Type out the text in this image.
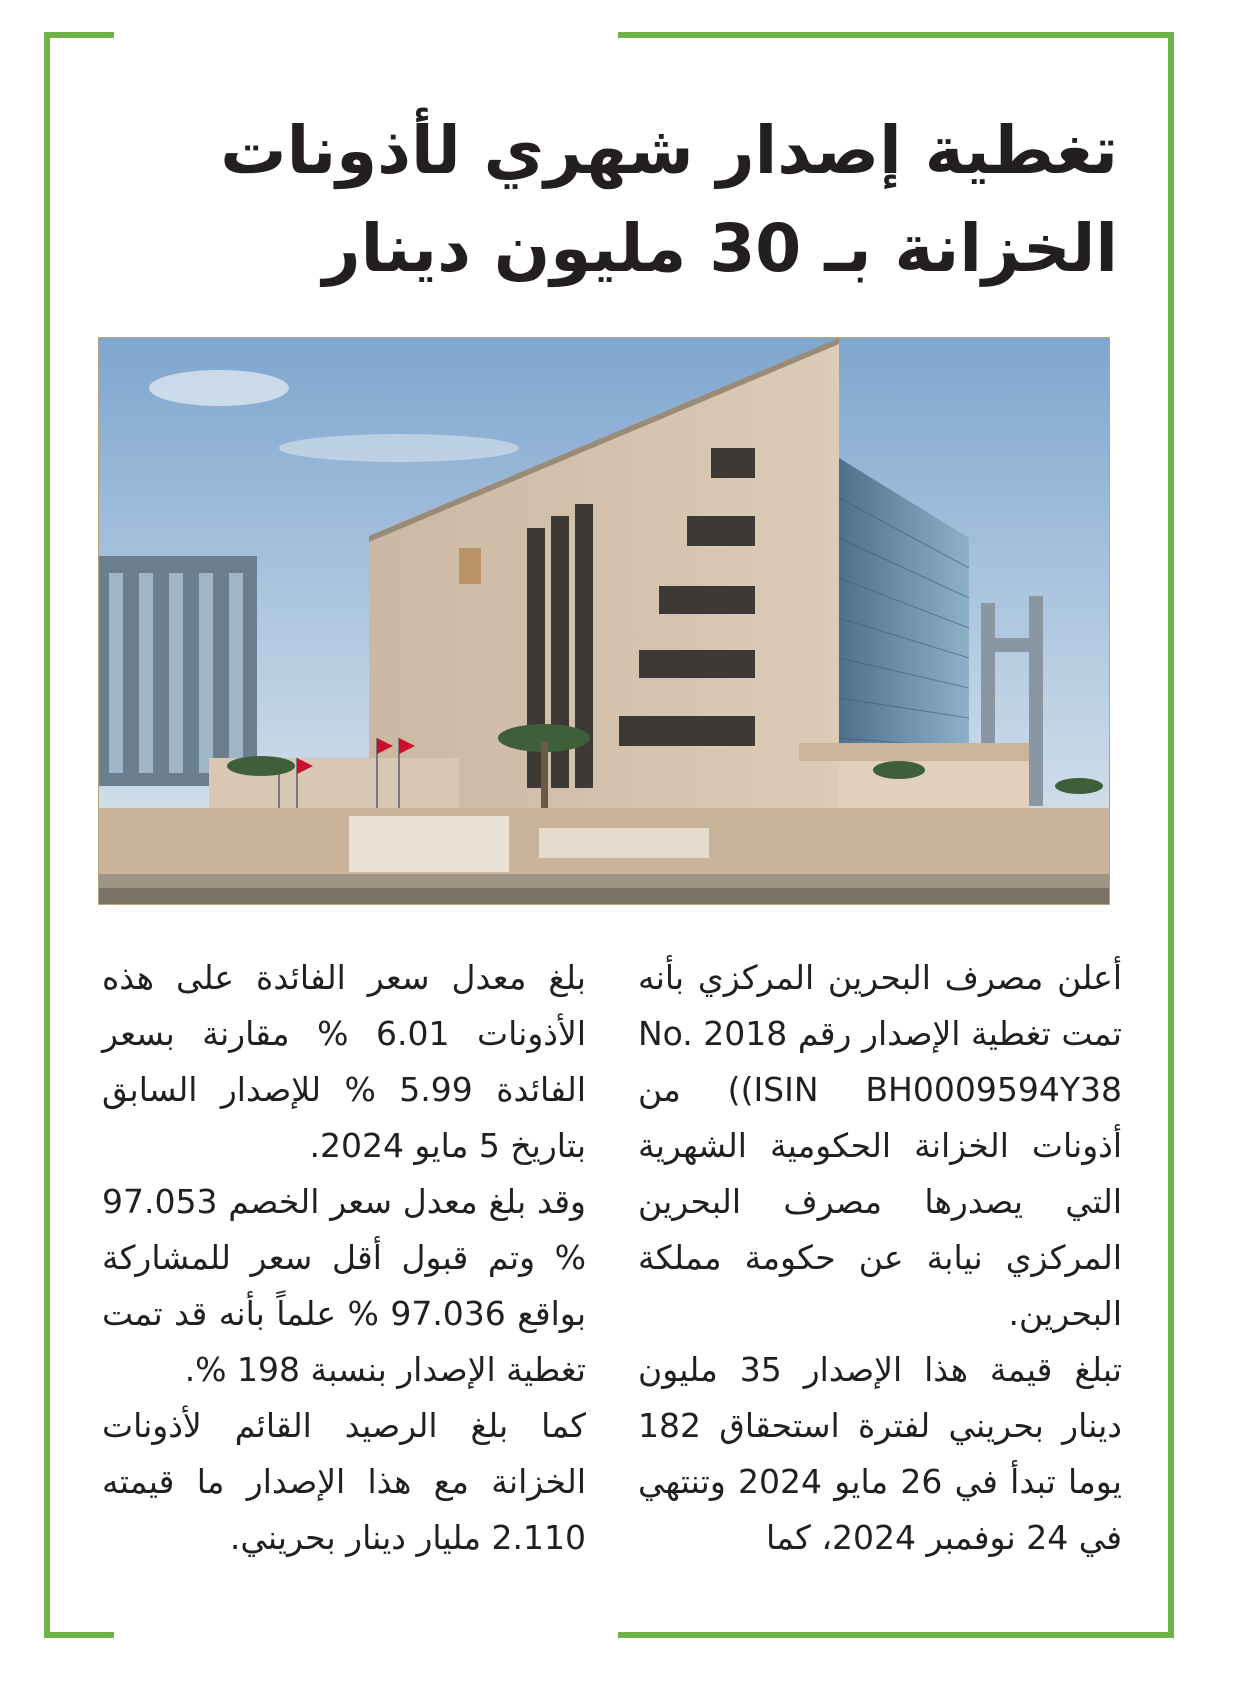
تغطية إصدار شهري لأذونات
الخزانة بـ 30 مليون دينار

أعلن مصرف البحرين المركزي بأنه تمت تغطية الإصدار رقم No. 2018 (ISIN BH0009594Y38) من أذونات الخزانة الحكومية الشهرية التي يصدرها مصرف البحرين المركزي نيابة عن حكومة مملكة البحرين.

تبلغ قيمة هذا الإصدار 35 مليون دينار بحريني لفترة استحقاق 182 يوما تبدأ في 26 مايو 2024 وتنتهي في 24 نوفمبر 2024، كما

بلغ معدل سعر الفائدة على هذه الأذونات 6.01 % مقارنة بسعر الفائدة 5.99 % للإصدار السابق بتاريخ 5 مايو 2024.

وقد بلغ معدل سعر الخصم 97.053 % وتم قبول أقل سعر للمشاركة بواقع 97.036 % علماً بأنه قد تمت تغطية الإصدار بنسبة 198 %.

كما بلغ الرصيد القائم لأذونات الخزانة مع هذا الإصدار ما قيمته 2.110 مليار دينار بحريني.
